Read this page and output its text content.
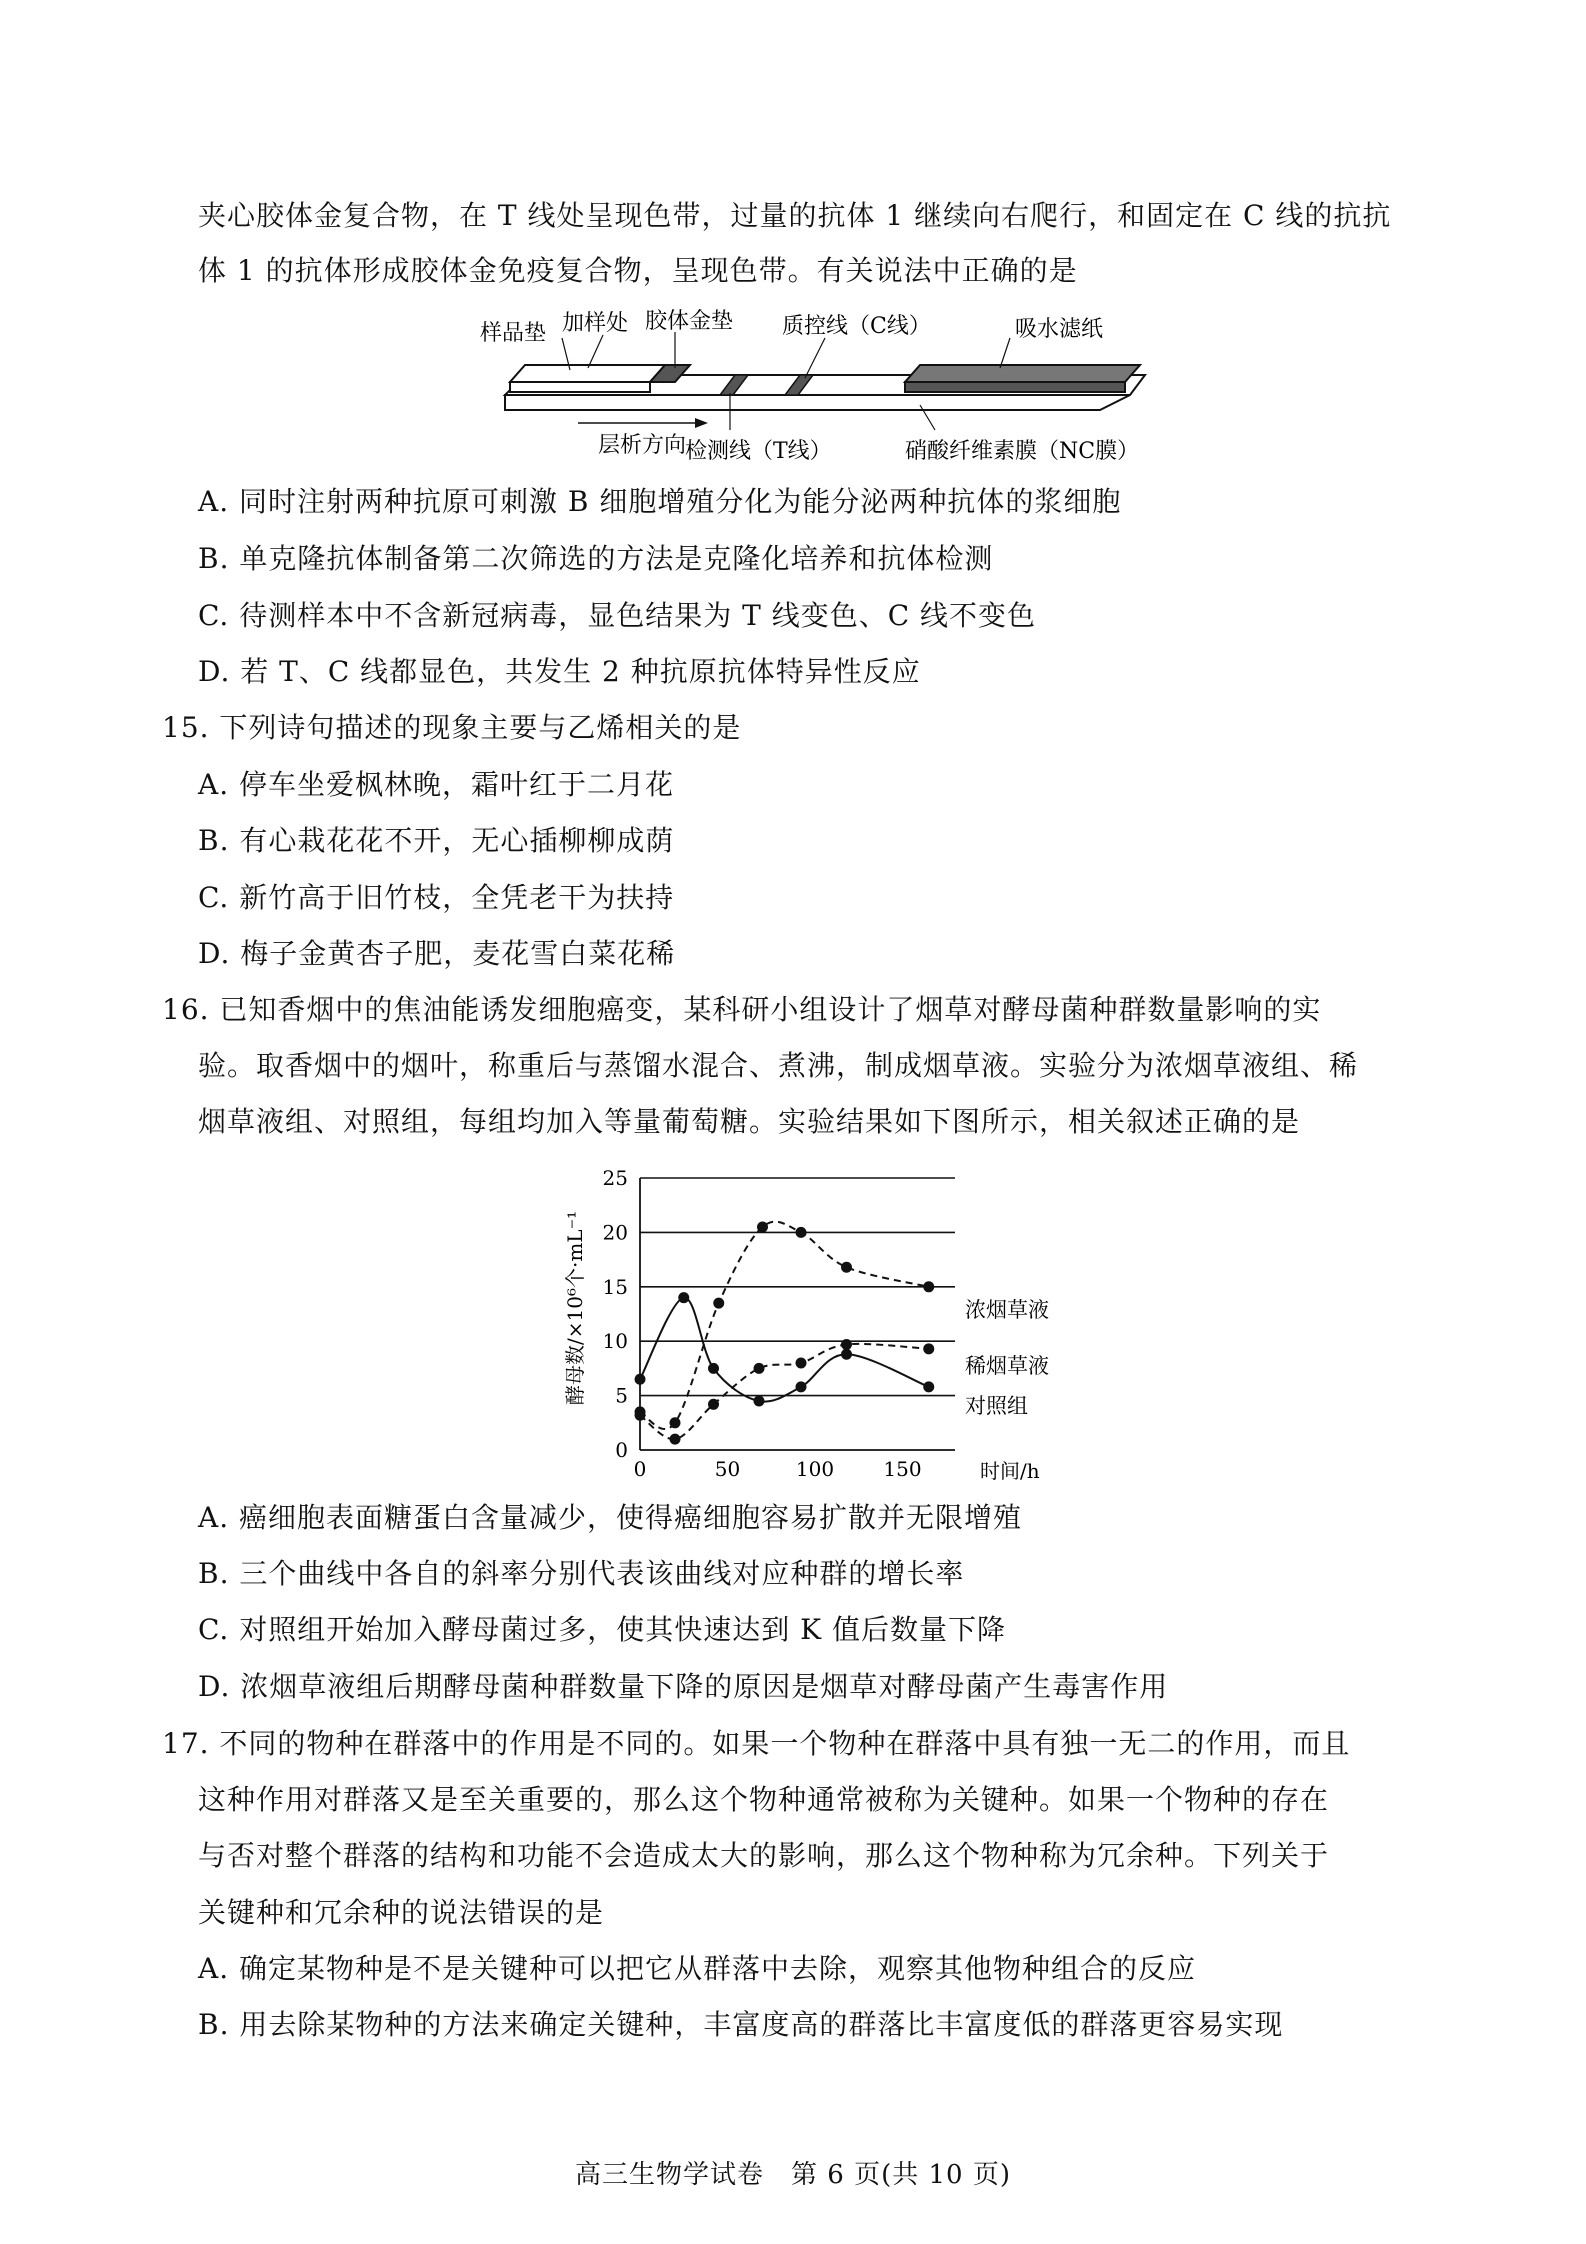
夹心胶体金复合物，在 T 线处呈现色带，过量的抗体 1 继续向右爬行，和固定在 C 线的抗抗
体 1 的抗体形成胶体金免疫复合物，呈现色带。有关说法中正确的是
样品垫 加样处 胶体金垫 质控线（C线）	吸水滤纸
层析方向
检测线（T线）	硝酸纤维素膜（NC膜）
A. 同时注射两种抗原可刺激 B 细胞增殖分化为能分泌两种抗体的浆细胞
B. 单克隆抗体制备第二次筛选的方法是克隆化培养和抗体检测
C. 待测样本中不含新冠病毒，显色结果为 T 线变色、C 线不变色
D. 若 T、C 线都显色，共发生 2 种抗原抗体特异性反应
15. 下列诗句描述的现象主要与乙烯相关的是
A. 停车坐爱枫林晚，霜叶红于二月花
B. 有心栽花花不开，无心插柳柳成荫
C. 新竹高于旧竹枝，全凭老干为扶持
D. 梅子金黄杏子肥，麦花雪白菜花稀
16. 已知香烟中的焦油能诱发细胞癌变，某科研小组设计了烟草对酵母菌种群数量影响的实
验。取香烟中的烟叶，称重后与蒸馏水混合、煮沸，制成烟草液。实验分为浓烟草液组、稀
烟草液组、对照组，每组均加入等量葡萄糖。实验结果如下图所示，相关叙述正确的是
0
5
10
15
20
25
0	50	100 150
酵母数/×10⁶个·mL⁻¹
时间/h
浓烟草液
稀烟草液
对照组
A. 癌细胞表面糖蛋白含量减少，使得癌细胞容易扩散并无限增殖
B. 三个曲线中各自的斜率分别代表该曲线对应种群的增长率
C. 对照组开始加入酵母菌过多，使其快速达到 K 值后数量下降
D. 浓烟草液组后期酵母菌种群数量下降的原因是烟草对酵母菌产生毒害作用
17. 不同的物种在群落中的作用是不同的。如果一个物种在群落中具有独一无二的作用，而且
这种作用对群落又是至关重要的，那么这个物种通常被称为关键种。如果一个物种的存在
与否对整个群落的结构和功能不会造成太大的影响，那么这个物种称为冗余种。下列关于
关键种和冗余种的说法错误的是
A. 确定某物种是不是关键种可以把它从群落中去除，观察其他物种组合的反应
B. 用去除某物种的方法来确定关键种，丰富度高的群落比丰富度低的群落更容易实现
高三生物学试卷　第 6 页(共 10 页)
